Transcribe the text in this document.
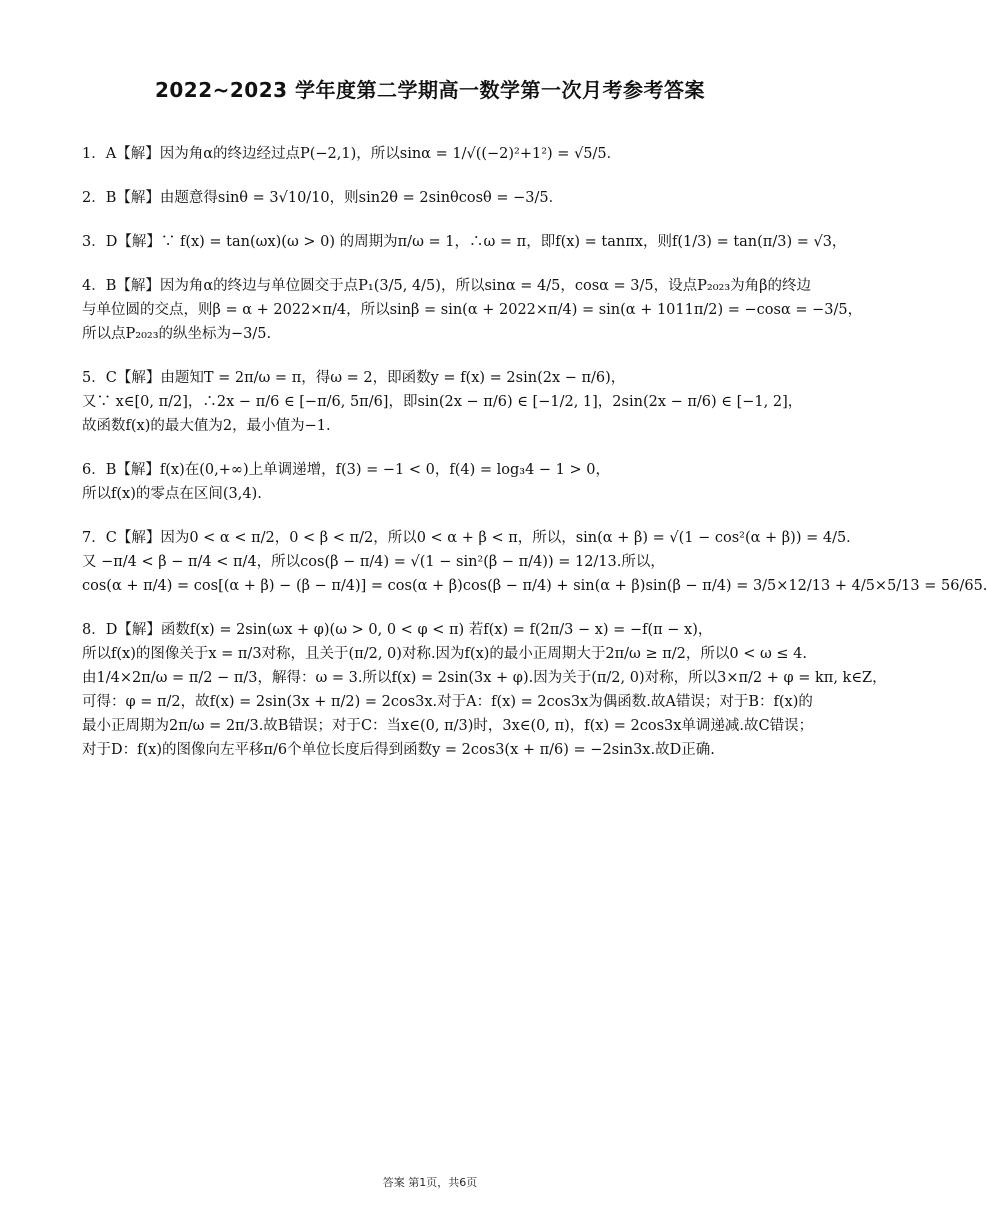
2022~2023 学年度第二学期高一数学第一次月考参考答案
1．A【解】因为角α的终边经过点P(−2,1)，所以sinα = 1/√((−2)²+1²) = √5/5．
2．B【解】由题意得sinθ = 3√10/10，则sin2θ = 2sinθcosθ = −3/5．
3．D【解】∵ f(x) = tan(ωx)(ω > 0) 的周期为π/ω = 1，∴ω = π，即f(x) = tanπx，则f(1/3) = tan(π/3) = √3，
4．B【解】因为角α的终边与单位圆交于点P₁(3/5, 4/5)，所以sinα = 4/5，cosα = 3/5，设点P₂₀₂₃为角β的终边
与单位圆的交点，则β = α + 2022×π/4，所以sinβ = sin(α + 2022×π/4) = sin(α + 1011π/2) = −cosα = −3/5，
所以点P₂₀₂₃的纵坐标为−3/5.
5．C【解】由题知T = 2π/ω = π，得ω = 2，即函数y = f(x) = 2sin(2x − π/6)，
又∵ x∈[0, π/2]，∴2x − π/6 ∈ [−π/6, 5π/6]，即sin(2x − π/6) ∈ [−1/2, 1]，2sin(2x − π/6) ∈ [−1, 2]，
故函数f(x)的最大值为2，最小值为−1.
6．B【解】f(x)在(0,+∞)上单调递增，f(3) = −1 < 0，f(4) = log₃4 − 1 > 0，
所以f(x)的零点在区间(3,4).
7．C【解】因为0 < α < π/2，0 < β < π/2，所以0 < α + β < π，所以，sin(α + β) = √(1 − cos²(α + β)) = 4/5．
又 −π/4 < β − π/4 < π/4，所以cos(β − π/4) = √(1 − sin²(β − π/4)) = 12/13.所以，
cos(α + π/4) = cos[(α + β) − (β − π/4)] = cos(α + β)cos(β − π/4) + sin(α + β)sin(β − π/4) = 3/5×12/13 + 4/5×5/13 = 56/65.
8．D【解】函数f(x) = 2sin(ωx + φ)(ω > 0, 0 < φ < π) 若f(x) = f(2π/3 − x) = −f(π − x)，
所以f(x)的图像关于x = π/3对称，且关于(π/2, 0)对称.因为f(x)的最小正周期大于2π/ω ≥ π/2，所以0 < ω ≤ 4.
由1/4×2π/ω = π/2 − π/3，解得：ω = 3.所以f(x) = 2sin(3x + φ).因为关于(π/2, 0)对称，所以3×π/2 + φ = kπ, k∈Z，
可得：φ = π/2，故f(x) = 2sin(3x + π/2) = 2cos3x.对于A：f(x) = 2cos3x为偶函数.故A错误；对于B：f(x)的
最小正周期为2π/ω = 2π/3.故B错误；对于C：当x∈(0, π/3)时，3x∈(0, π)，f(x) = 2cos3x单调递减.故C错误；
对于D：f(x)的图像向左平移π/6个单位长度后得到函数y = 2cos3(x + π/6) = −2sin3x.故D正确.
答案 第1页，共6页
